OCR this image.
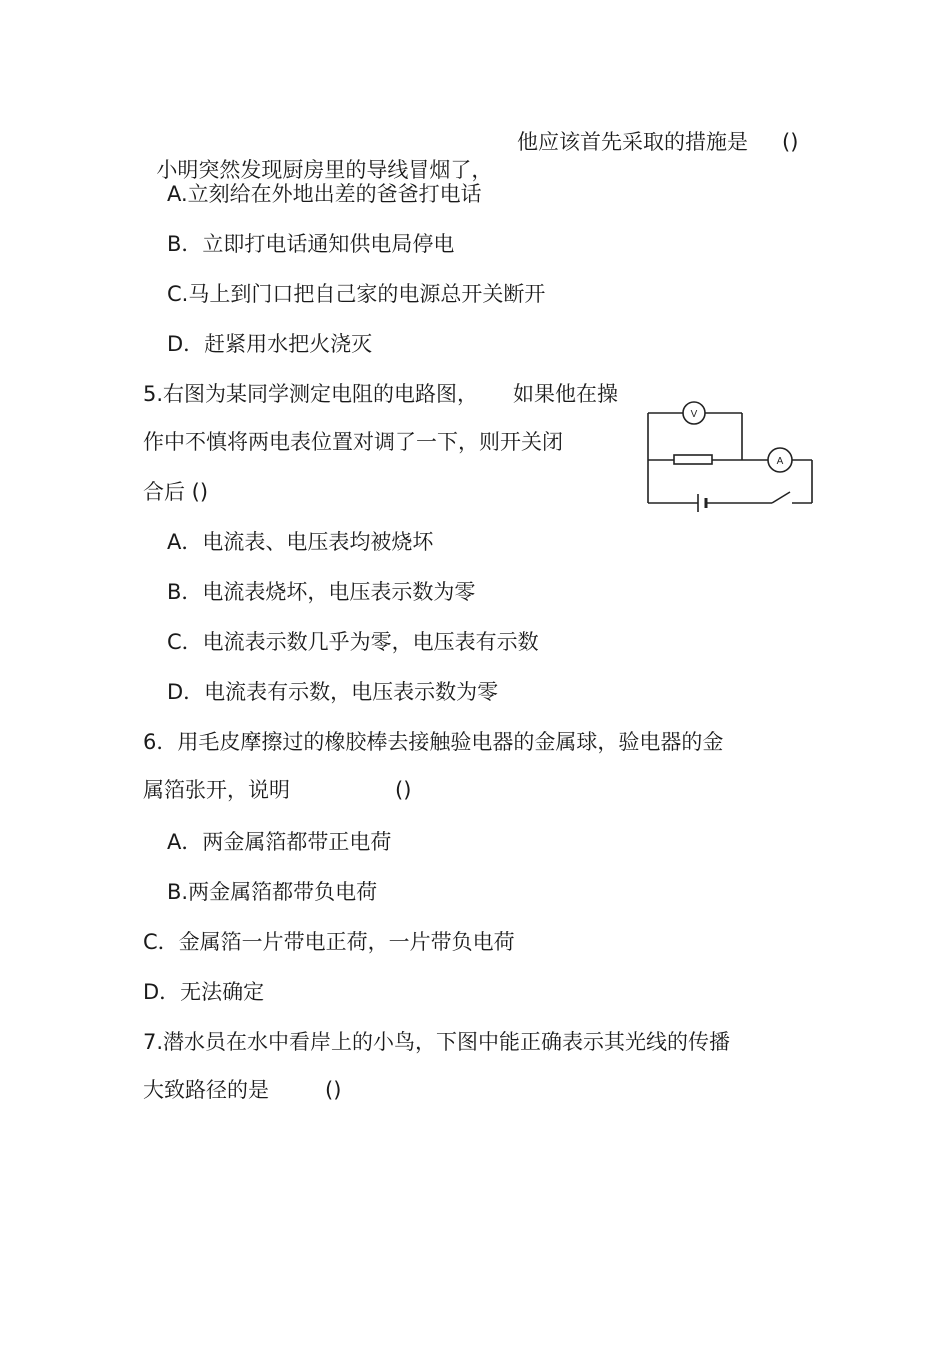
小明突然发现厨房里的导线冒烟了，

他应该首先采取的措施是 ()
A.立刻给在外地出差的爸爸打电话
B．立即打电话通知供电局停电
C.马上到门口把自己家的电源总开关断开
D．赶紧用水把火浇灭
5.右图为某同学测定电阻的电路图， 如果他在操
作中不慎将两电表位置对调了一下，则开关闭
合后 ()
V
A
A．电流表、电压表均被烧坏
B．电流表烧坏，电压表示数为零
C．电流表示数几乎为零，电压表有示数
D．电流表有示数，电压表示数为零
6．用毛皮摩擦过的橡胶棒去接触验电器的金属球，验电器的金
属箔张开，说明	()
A．两金属箔都带正电荷
B.两金属箔都带负电荷
C．金属箔一片带电正荷，一片带负电荷
D．无法确定
7.潜水员在水中看岸上的小鸟，下图中能正确表示其光线的传播
大致路径的是	()
